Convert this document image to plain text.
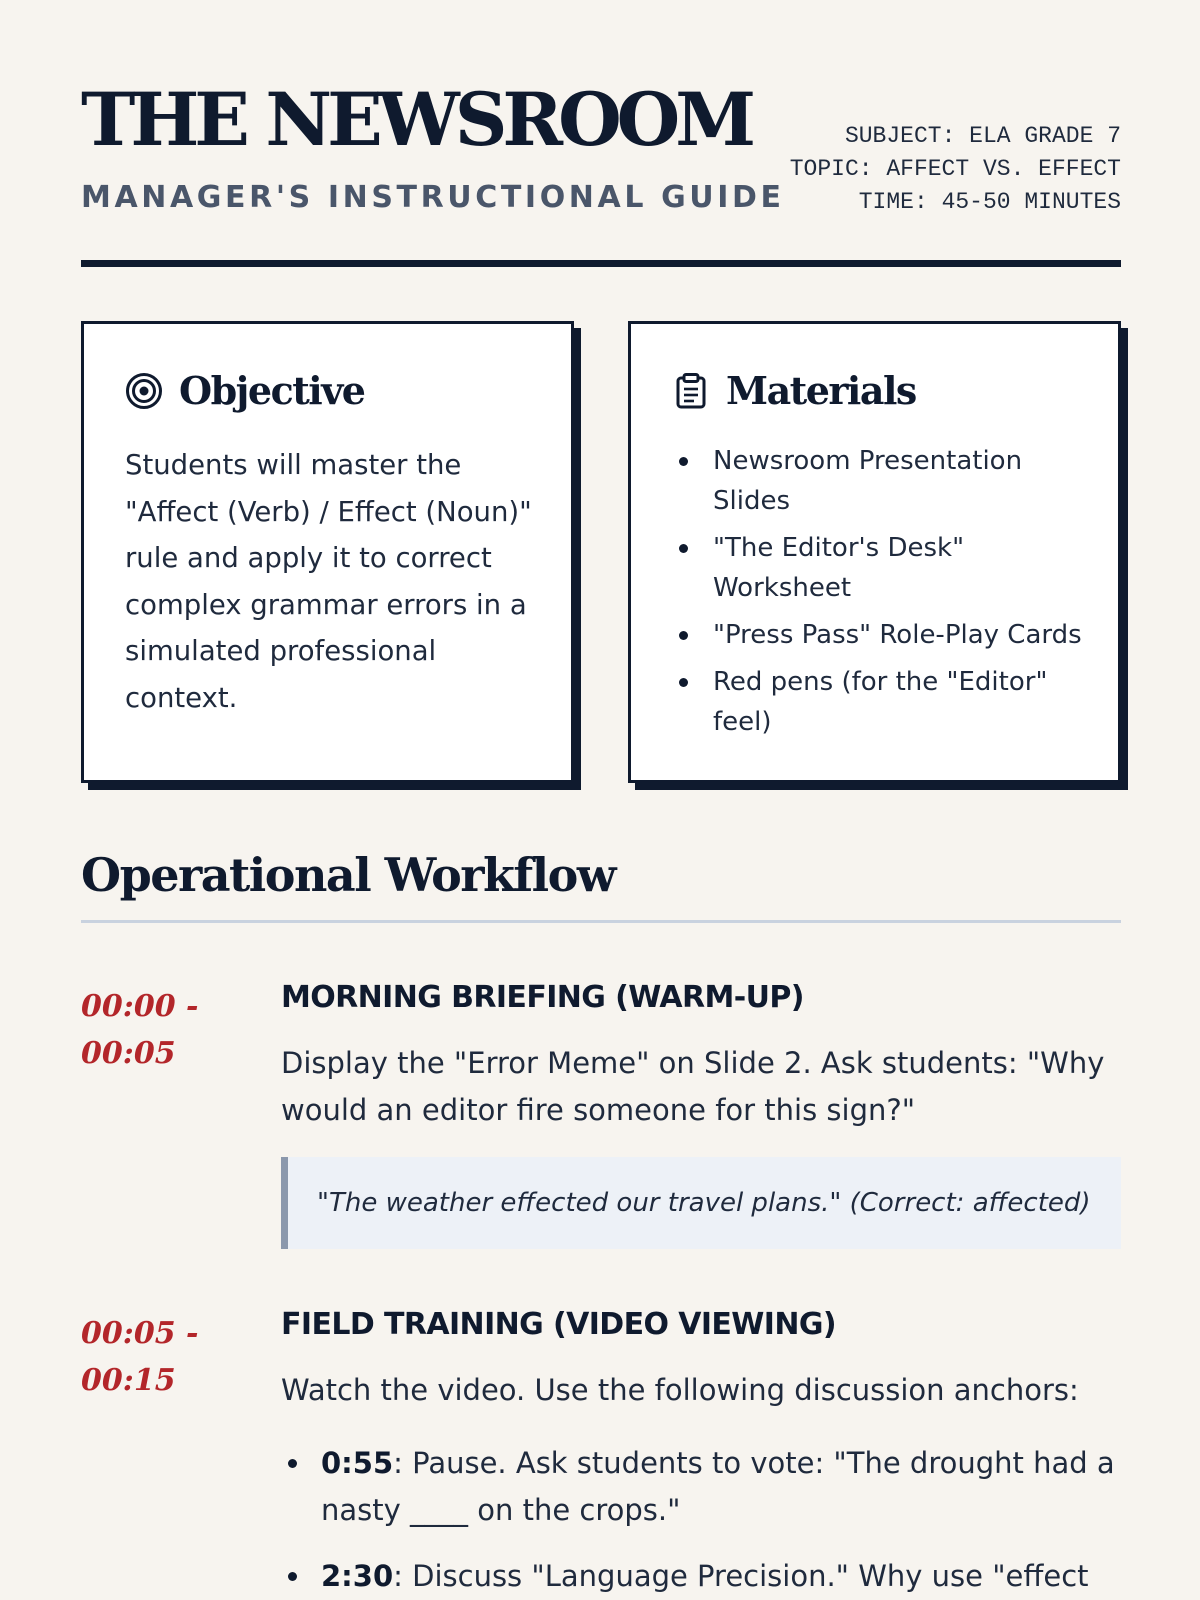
THE NEWSROOM
MANAGER'S INSTRUCTIONAL GUIDE
SUBJECT: ELA GRADE 7
TOPIC: AFFECT VS. EFFECT
TIME: 45-50 MINUTES
Objective

Students will master the "Affect (Verb) / Effect (Noun)" rule and apply it to correct complex grammar errors in a simulated professional context.

Materials
Newsroom Presentation Slides
"The Editor's Desk" Worksheet
"Press Pass" Role-Play Cards
Red pens (for the "Editor" feel)
Operational Workflow
00:00 - 00:05
MORNING BRIEFING (WARM-UP)

Display the "Error Meme" on Slide 2. Ask students: "Why would an editor fire someone for this sign?"

"The weather effected our travel plans." (Correct: affected)
00:05 - 00:15
FIELD TRAINING (VIDEO VIEWING)

Watch the video. Use the following discussion anchors:

0:55: Pause. Ask students to vote: "The drought had a nasty ____ on the crops."
2:30: Discuss "Language Precision." Why use "effect
